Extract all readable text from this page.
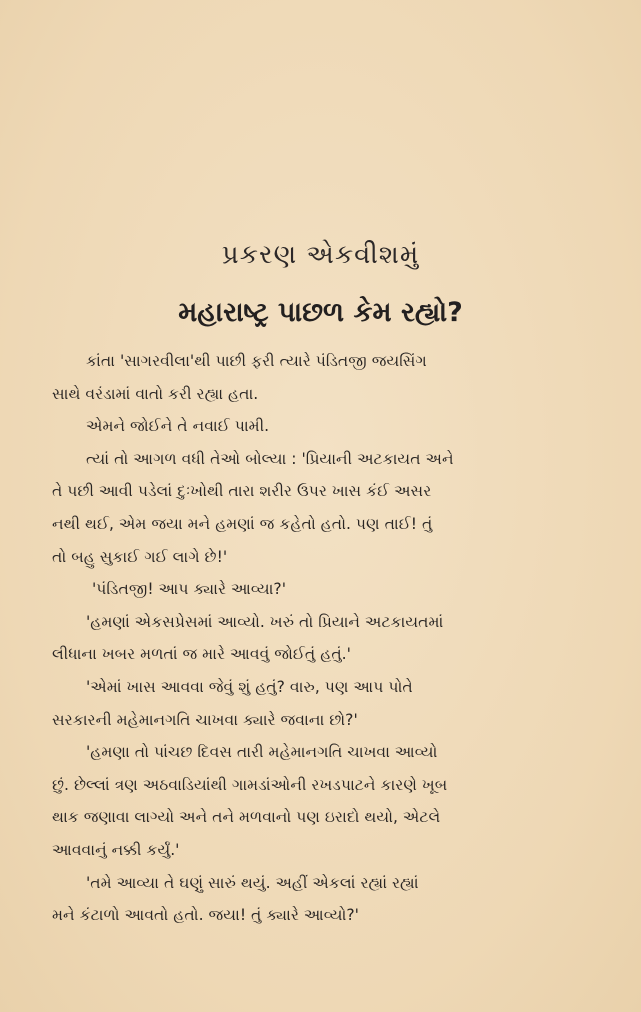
પ્રકરણ એકવીશમું
મહારાષ્ટ્ર પાછળ કેમ રહ્યો?
કાંતા 'સાગરવીલા'થી પાછી ફરી ત્યારે પંડિતજી જયસિંગ
સાથે વરંડામાં વાતો કરી રહ્યા હતા.
એમને જોઈને તે નવાઈ પામી.
ત્યાં તો આગળ વધી તેઓ બોલ્યા : 'પ્રિયાની અટકાયત અને
તે પછી આવી પડેલાં દુઃખોથી તારા શરીર ઉપર ખાસ કંઈ અસર
નથી થઈ, એમ જયા મને હમણાં જ કહેતો હતો. પણ તાઈ! તું
તો બહુ સુકાઈ ગઈ લાગે છે!'
'પંડિતજી! આપ ક્યારે આવ્યા?'
'હમણાં એકસપ્રેસમાં આવ્યો. ખરું તો પ્રિયાને અટકાયતમાં
લીધાના ખબર મળતાં જ મારે આવવું જોઈતું હતું.'
'એમાં ખાસ આવવા જેવું શું હતું? વારુ, પણ આપ પોતે
સરકારની મહેમાનગતિ ચાખવા ક્યારે જવાના છો?'
'હમણા તો પાંચછ દિવસ તારી મહેમાનગતિ ચાખવા આવ્યો
છું. છેલ્લાં ત્રણ અઠવાડિયાંથી ગામડાંઓની રખડપાટને કારણે ખૂબ
થાક જણાવા લાગ્યો અને તને મળવાનો પણ ઇરાદો થયો, એટલે
આવવાનું નક્કી કર્યું.'
'તમે આવ્યા તે ઘણું સારું થયું. અહીં એકલાં રહ્યાં રહ્યાં
મને કંટાળો આવતો હતો. જયા! તું ક્યારે આવ્યો?'
